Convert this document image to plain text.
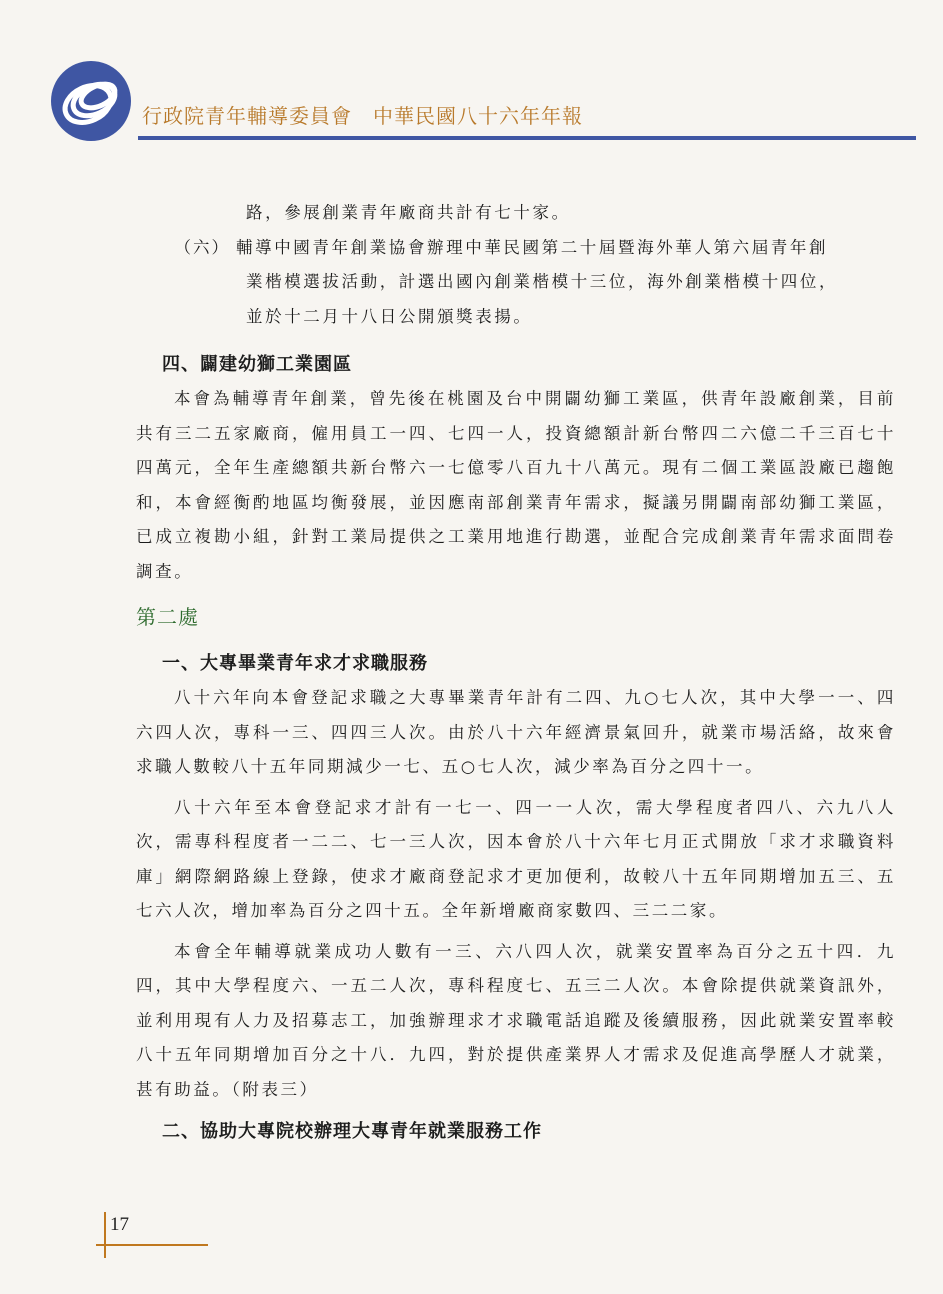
行政院青年輔導委員會　中華民國八十六年年報

路，參展創業青年廠商共計有七十家。

（六） 輔導中國青年創業協會辦理中華民國第二十屆暨海外華人第六屆青年創

業楷模選拔活動，計選出國內創業楷模十三位，海外創業楷模十四位，

並於十二月十八日公開頒獎表揚。

四、闢建幼獅工業園區

本會為輔導青年創業，曾先後在桃園及台中開闢幼獅工業區，供青年設廠創業，目前共有三二五家廠商，僱用員工一四、七四一人，投資總額計新台幣四二六億二千三百七十四萬元，全年生產總額共新台幣六一七億零八百九十八萬元。現有二個工業區設廠已趨飽和，本會經衡酌地區均衡發展，並因應南部創業青年需求，擬議另開闢南部幼獅工業區，已成立複勘小組，針對工業局提供之工業用地進行勘選，並配合完成創業青年需求面問卷調查。

第二處

一、大專畢業青年求才求職服務

八十六年向本會登記求職之大專畢業青年計有二四、九○七人次，其中大學一一、四六四人次，專科一三、四四三人次。由於八十六年經濟景氣回升，就業市場活絡，故來會求職人數較八十五年同期減少一七、五○七人次，減少率為百分之四十一。

八十六年至本會登記求才計有一七一、四一一人次，需大學程度者四八、六九八人次，需專科程度者一二二、七一三人次，因本會於八十六年七月正式開放「求才求職資料庫」網際網路線上登錄，使求才廠商登記求才更加便利，故較八十五年同期增加五三、五七六人次，增加率為百分之四十五。全年新增廠商家數四、三二二家。

本會全年輔導就業成功人數有一三、六八四人次，就業安置率為百分之五十四．九四，其中大學程度六、一五二人次，專科程度七、五三二人次。本會除提供就業資訊外，並利用現有人力及招募志工，加強辦理求才求職電話追蹤及後續服務，因此就業安置率較八十五年同期增加百分之十八．九四，對於提供產業界人才需求及促進高學歷人才就業，甚有助益。（附表三）

二、協助大專院校辦理大專青年就業服務工作

17
